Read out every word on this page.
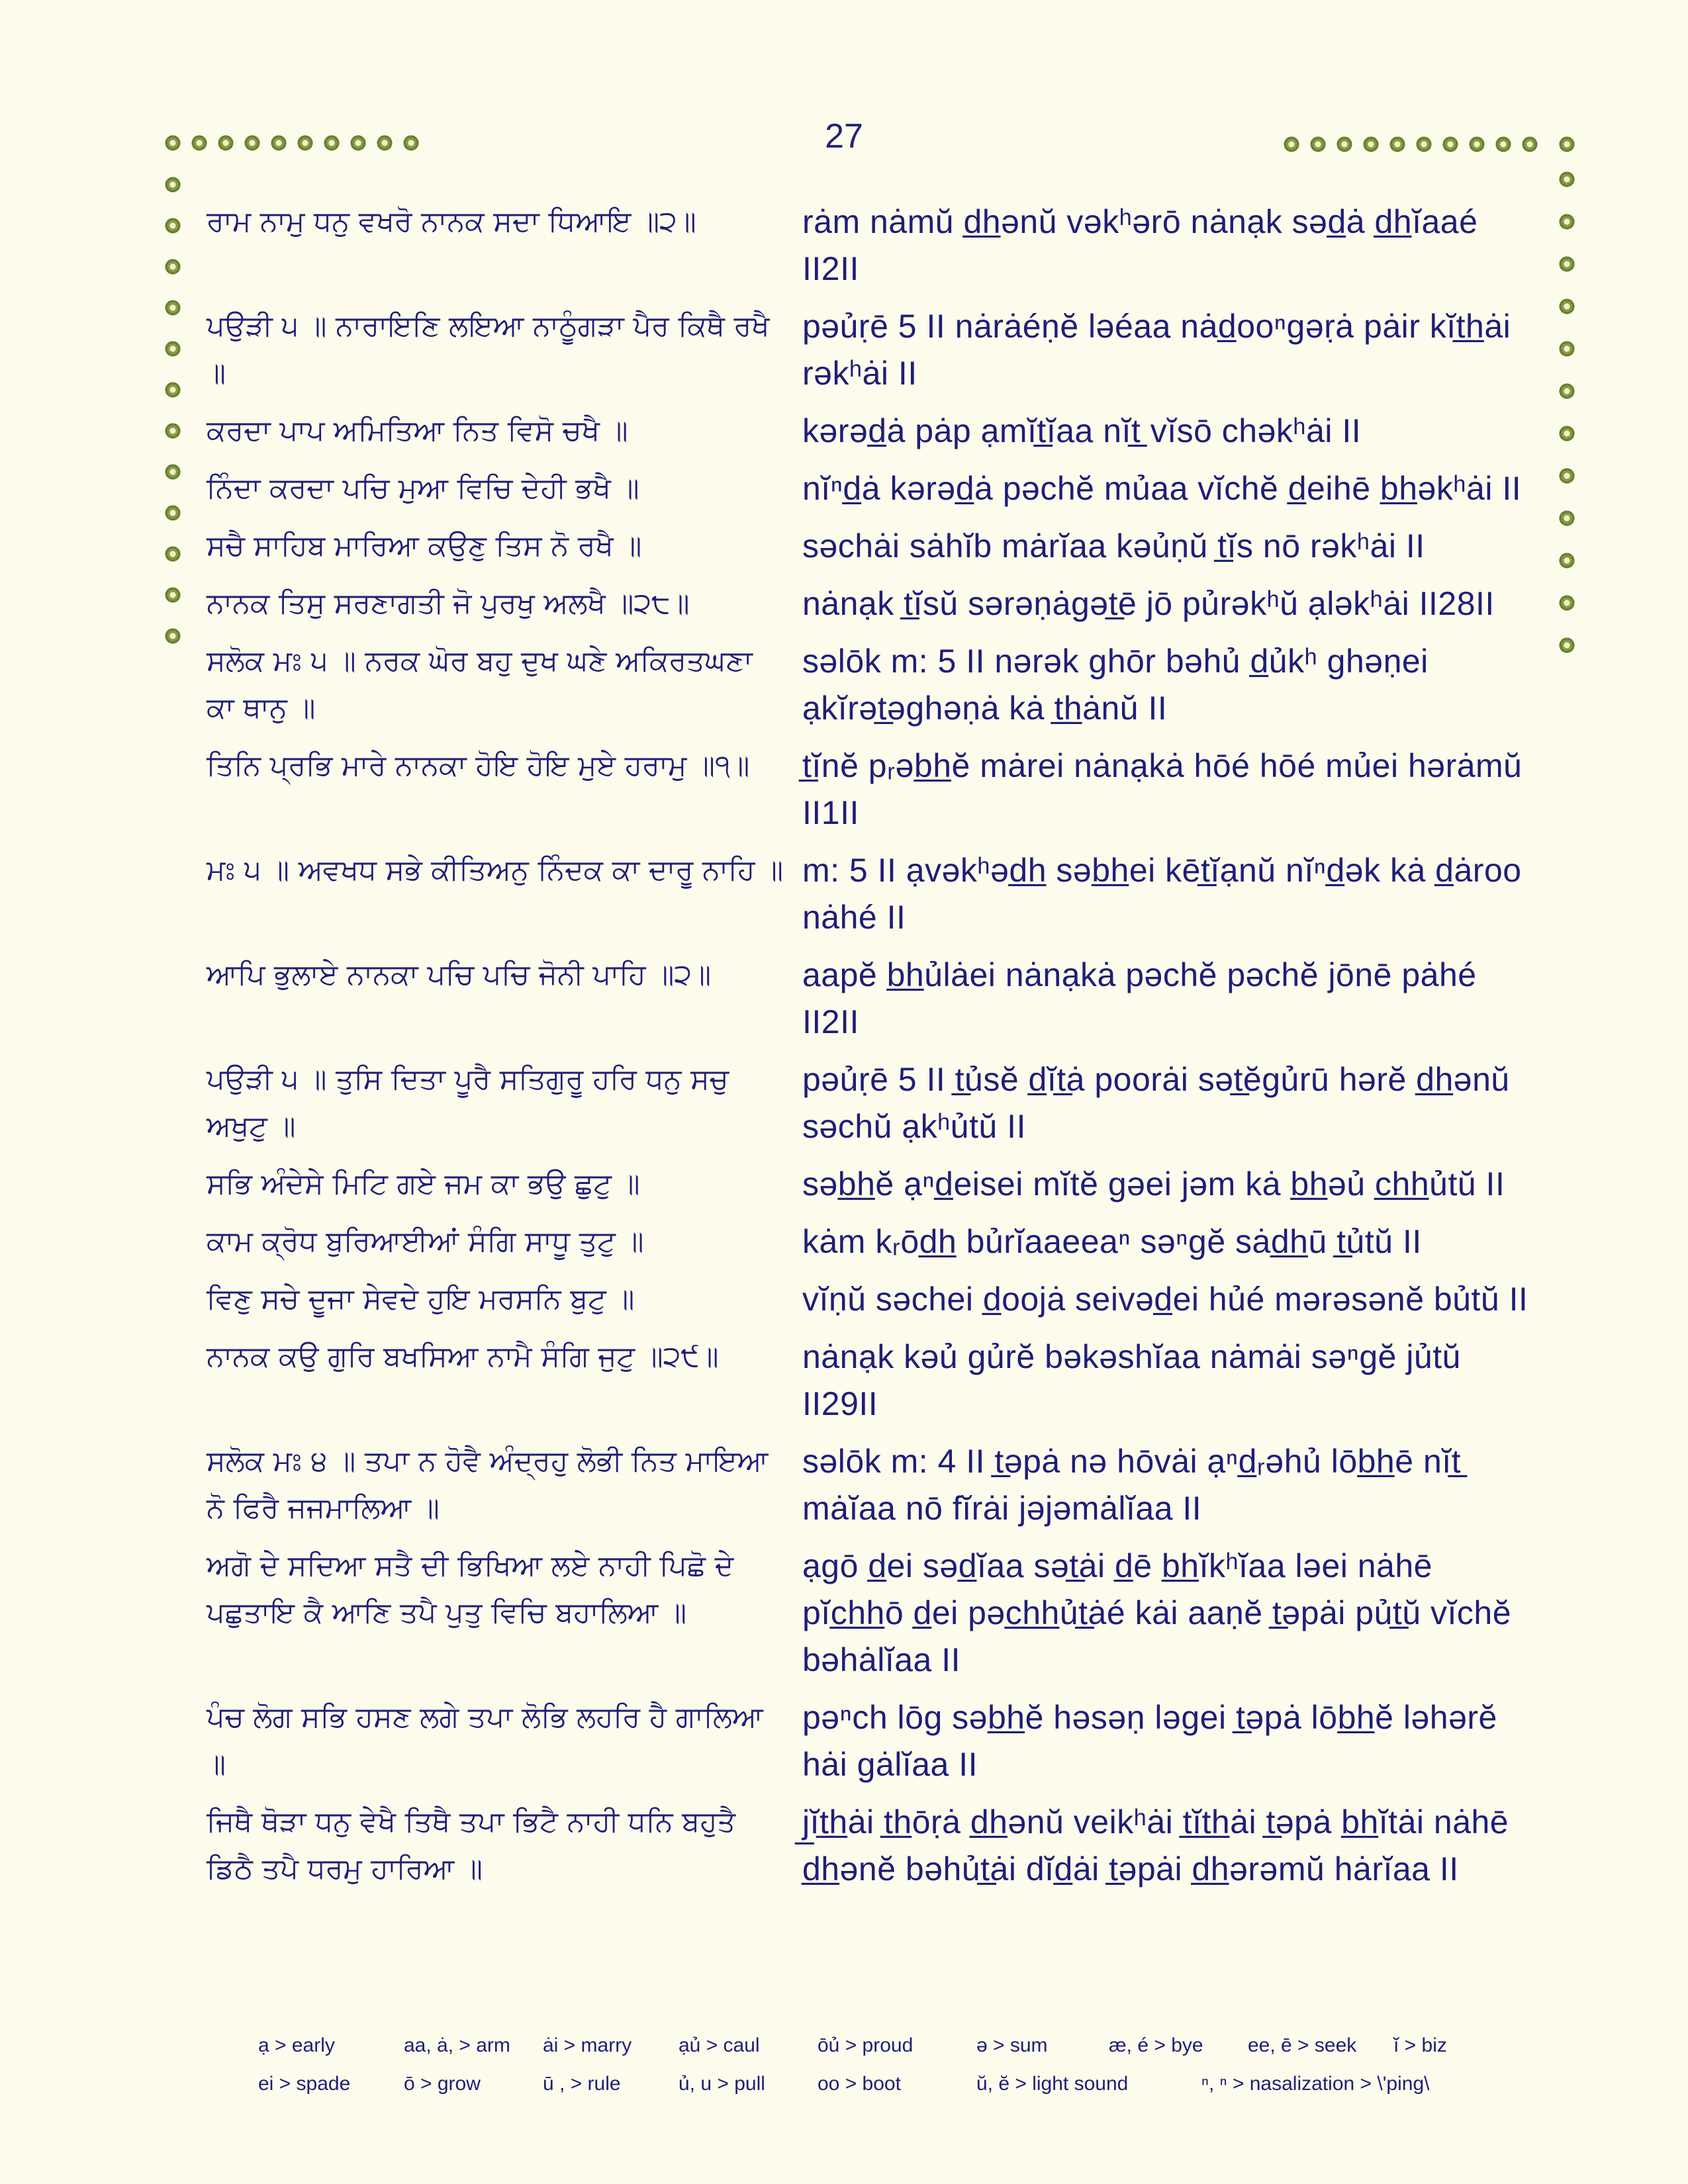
27
ਰਾਮ ਨਾਮੁ ਧਨੁ ਵਖਰੋ ਨਾਨਕ ਸਦਾ ਧਿਆਇ ॥੨॥	rȧm nȧmŭ d̲h̲ənŭ vəkʰərō nȧnạk səd̲ȧ d̲h̲ĭaaé II2II
ਪਉੜੀ ੫ ॥ ਨਾਰਾਇਣਿ ਲਇਆ ਨਾਠੂੰਗੜਾ ਪੈਰ ਕਿਥੈ ਰਖੈ ॥
pəủṛē 5 II nȧrȧéṇĕ ləéaa nȧd̲ooⁿgəṛȧ pȧir kĭt̲h̲ȧi rəkʰȧi II
ਕਰਦਾ ਪਾਪ ਅਮਿਤਿਆ ਨਿਤ ਵਿਸੋ ਚਖੈ ॥	kərəd̲ȧ pȧp ạmĭt̲ĭaa nĭt̲ vĭsō chəkʰȧi II
ਨਿੰਦਾ ਕਰਦਾ ਪਚਿ ਮੁਆ ਵਿਚਿ ਦੇਹੀ ਭਖੈ ॥	nĭⁿd̲ȧ kərəd̲ȧ pəchĕ mủaa vĭchĕ d̲eihē b̲h̲əkʰȧi II
ਸਚੈ ਸਾਹਿਬ ਮਾਰਿਆ ਕਉਣੁ ਤਿਸ ਨੋ ਰਖੈ ॥	səchȧi sȧhĭb mȧrĭaa kəủṇŭ t̲ĭs nō rəkʰȧi II
ਨਾਨਕ ਤਿਸੁ ਸਰਣਾਗਤੀ ਜੋ ਪੁਰਖੁ ਅਲਖੈ ॥੨੮॥	nȧnạk t̲ĭsŭ sərəṇȧgət̲ē jō pủrəkʰŭ ạləkʰȧi II28II
ਸਲੋਕ ਮਃ ੫ ॥ ਨਰਕ ਘੋਰ ਬਹੁ ਦੁਖ ਘਣੇ ਅਕਿਰਤਘਣਾ ਕਾ ਥਾਨੁ ॥
səlōk m: 5 II nərək ghōr bəhủ d̲ủkʰ ghəṇei ạkĭrət̲əghəṇȧ kȧ t̲h̲ȧnŭ II
ਤਿਨਿ ਪ੍ਰਭਿ ਮਾਰੇ ਨਾਨਕਾ ਹੋਇ ਹੋਇ ਮੁਏ ਹਰਾਮੁ ॥੧॥	t̲ĭnĕ pᵣəb̲h̲ĕ mȧrei nȧnạkȧ hōé hōé mủei hərȧmŭ II1II
ਮਃ ੫ ॥ ਅਵਖਧ ਸਭੇ ਕੀਤਿਅਨੁ ਨਿੰਦਕ ਕਾ ਦਾਰੂ ਨਾਹਿ ॥ m: 5 II ạvəkʰəd̲h̲ səb̲h̲ei kēt̲ĭạnŭ nĭⁿd̲ək kȧ d̲ȧroo nȧhé II
ਆਪਿ ਭੁਲਾਏ ਨਾਨਕਾ ਪਚਿ ਪਚਿ ਜੋਨੀ ਪਾਹਿ ॥੨॥	aapĕ b̲h̲ủlȧei nȧnạkȧ pəchĕ pəchĕ jōnē pȧhé II2II
ਪਉੜੀ ੫ ॥ ਤੁਸਿ ਦਿਤਾ ਪੂਰੈ ਸਤਿਗੁਰੂ ਹਰਿ ਧਨੁ ਸਚੁ ਅਖੁਟੁ ॥
pəủṛē 5 II t̲ủsĕ d̲ĭt̲ȧ poorȧi sət̲ĕgủrū hərĕ d̲h̲ənŭ səchŭ ạkʰủtŭ II
ਸਭਿ ਅੰਦੇਸੇ ਮਿਟਿ ਗਏ ਜਮ ਕਾ ਭਉ ਛੁਟੁ ॥	səb̲h̲ĕ ạⁿd̲eisei mĭtĕ gəei jəm kȧ b̲h̲əủ c̲h̲h̲ủtŭ II
ਕਾਮ ਕ੍ਰੋਧ ਬੁਰਿਆਈਆਂ ਸੰਗਿ ਸਾਧੂ ਤੁਟੁ ॥	kȧm kᵣōd̲h̲ bủrĭaaeeaⁿ səⁿgĕ sȧd̲h̲ū t̲ủtŭ II
ਵਿਣੁ ਸਚੇ ਦੂਜਾ ਸੇਵਦੇ ਹੁਇ ਮਰਸਨਿ ਬੁਟੁ ॥	vĭṇŭ səchei d̲oojȧ seivəd̲ei hủé mərəsənĕ bủtŭ II
ਨਾਨਕ ਕਉ ਗੁਰਿ ਬਖਸਿਆ ਨਾਮੈ ਸੰਗਿ ਜੁਟੁ ॥੨੯॥	nȧnạk kəủ gủrĕ bəkəshĭaa nȧmȧi səⁿgĕ jủtŭ II29II
ਸਲੋਕ ਮਃ ੪ ॥ ਤਪਾ ਨ ਹੋਵੈ ਅੰਦ੍ਰਹੁ ਲੋਭੀ ਨਿਤ ਮਾਇਆ ਨੋ ਫਿਰੈ ਜਜਮਾਲਿਆ ॥
səlōk m: 4 II t̲əpȧ nə hōvȧi ạⁿd̲ᵣəhủ lōb̲h̲ē nĭt̲ mȧĭaa nō fĭrȧi jəjəmȧlĭaa II
ਅਗੋ ਦੇ ਸਦਿਆ ਸਤੈ ਦੀ ਭਿਖਿਆ ਲਏ ਨਾਹੀ ਪਿਛੋ ਦੇ ਪਛੁਤਾਇ ਕੈ ਆਣਿ ਤਪੈ ਪੁਤੁ ਵਿਚਿ ਬਹਾਲਿਆ ॥
ạgō d̲ei səd̲ĭaa sət̲ȧi d̲ē b̲h̲ĭkʰĭaa ləei nȧhē pĭc̲h̲h̲ō d̲ei pəc̲h̲h̲ủt̲ȧé kȧi aaṇĕ t̲əpȧi pủt̲ŭ vĭchĕ bəhȧlĭaa II
ਪੰਚ ਲੋਗ ਸਭਿ ਹਸਣ ਲਗੇ ਤਪਾ ਲੋਭਿ ਲਹਰਿ ਹੈ ਗਾਲਿਆ ॥
pəⁿch lōg səb̲h̲ĕ həsəṇ ləgei t̲əpȧ lōb̲h̲ĕ ləhərĕ hȧi gȧlĭaa II
ਜਿਥੈ ਥੋੜਾ ਧਨੁ ਵੇਖੈ ਤਿਥੈ ਤਪਾ ਭਿਟੈ ਨਾਹੀ ਧਨਿ ਬਹੁਤੈ ਡਿਠੈ ਤਪੈ ਧਰਮੁ ਹਾਰਿਆ ॥
j̲ĭt̲h̲ȧi t̲h̲ōṛȧ d̲h̲ənŭ veikʰȧi t̲ĭt̲h̲ȧi t̲əpȧ b̲h̲ĭtȧi nȧhē d̲h̲ənĕ bəhủt̲ȧi dĭd̲ȧi t̲əpȧi d̲h̲ərəmŭ hȧrĭaa II
ạ > early	aa, ȧ, > arm	ȧi > marry	ạủ > caul	ōủ > proud	ə > sum	æ, é > bye	ee, ē > seek	ĭ > biz
ei > spade	ō > grow	ū , > rule	ủ, u > pull	oo > boot	ŭ, ĕ > light sound	ⁿ, ⁿ > nasalization > \'ping\
